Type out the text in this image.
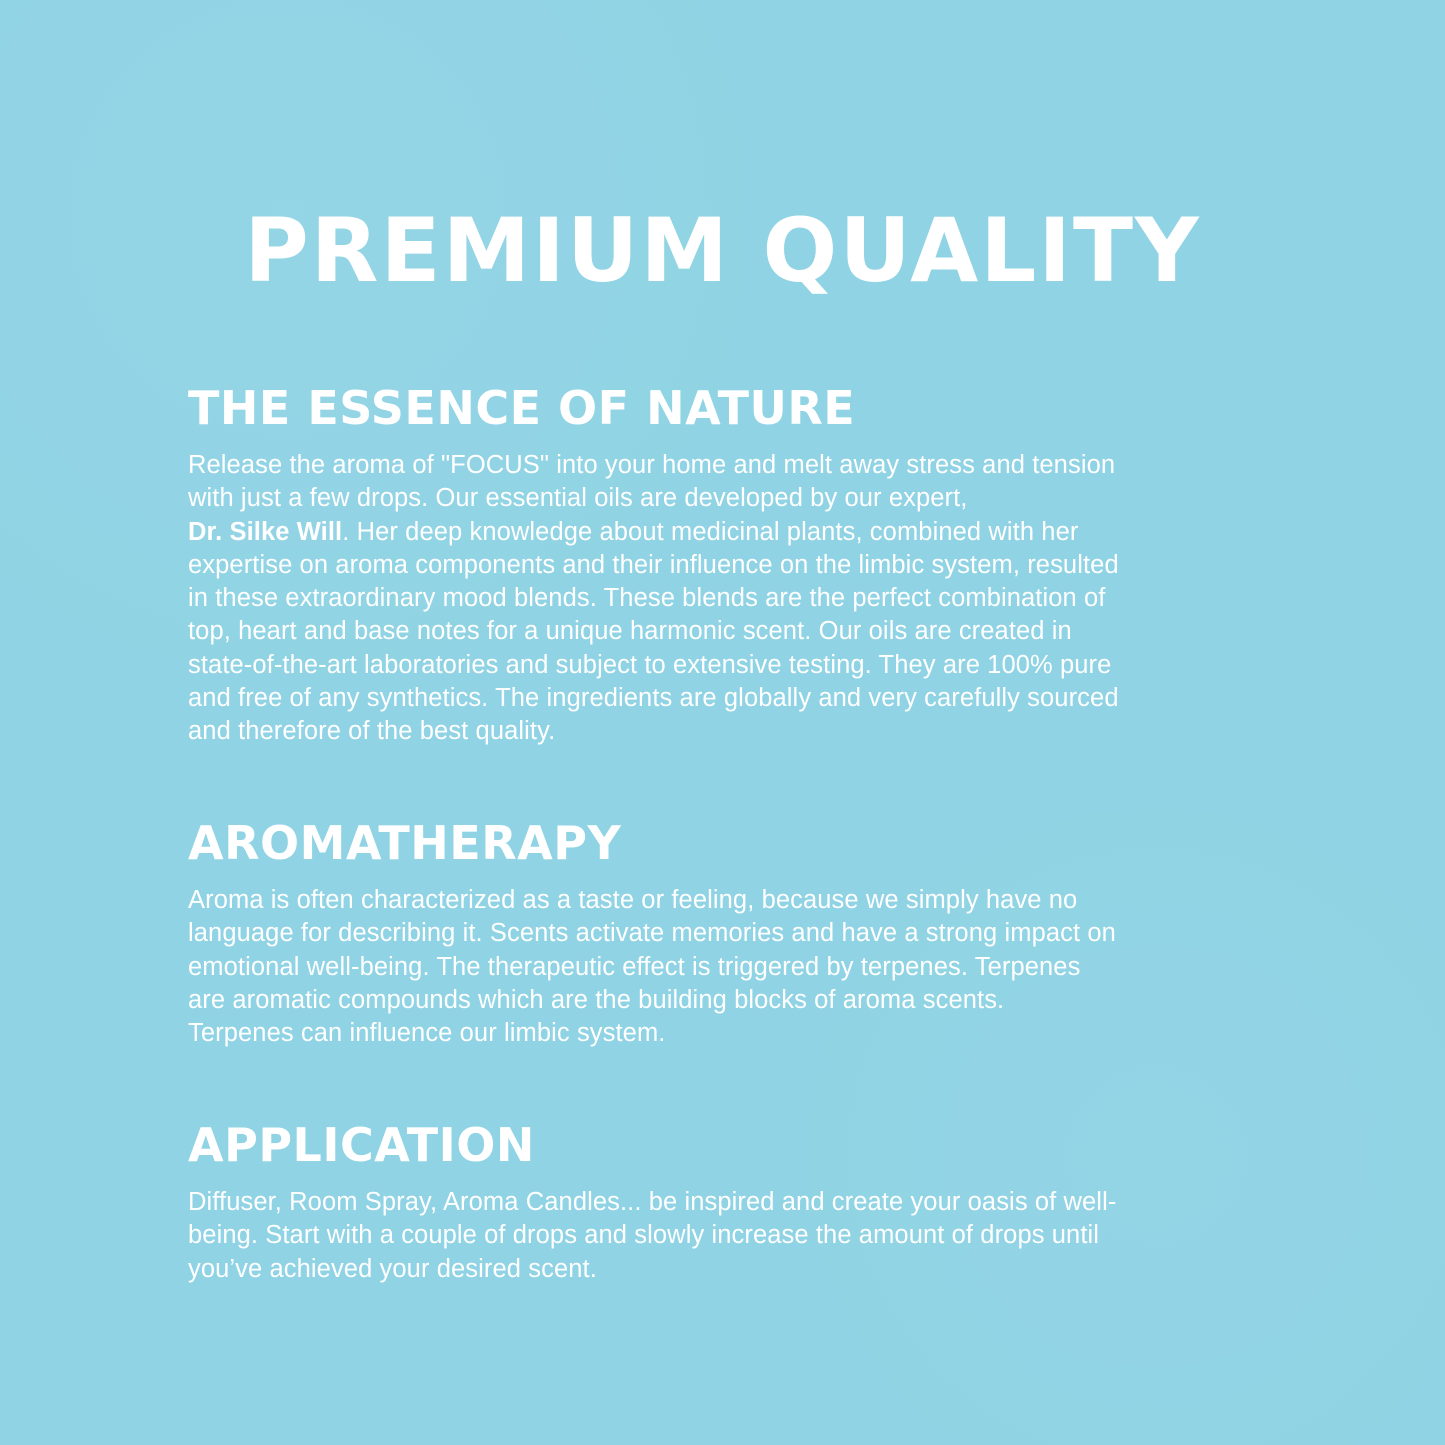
PREMIUM QUALITY
THE ESSENCE OF NATURE

Release the aroma of "FOCUS" into your home and melt away stress and tension
with just a few drops. Our essential oils are developed by our expert,
Dr. Silke Will. Her deep knowledge about medicinal plants, combined with her
expertise on aroma components and their influence on the limbic system, resulted
in these extraordinary mood blends. These blends are the perfect combination of
top, heart and base notes for a unique harmonic scent. Our oils are created in
state-of-the-art laboratories and subject to extensive testing. They are 100% pure
and free of any synthetics. The ingredients are globally and very carefully sourced
and therefore of the best quality.

AROMATHERAPY

Aroma is often characterized as a taste or feeling, because we simply have no
language for describing it. Scents activate memories and have a strong impact on
emotional well-being. The therapeutic effect is triggered by terpenes. Terpenes
are aromatic compounds which are the building blocks of aroma scents.
Terpenes can influence our limbic system.

APPLICATION

Diffuser, Room Spray, Aroma Candles... be inspired and create your oasis of well-
being. Start with a couple of drops and slowly increase the amount of drops until
you’ve achieved your desired scent.
